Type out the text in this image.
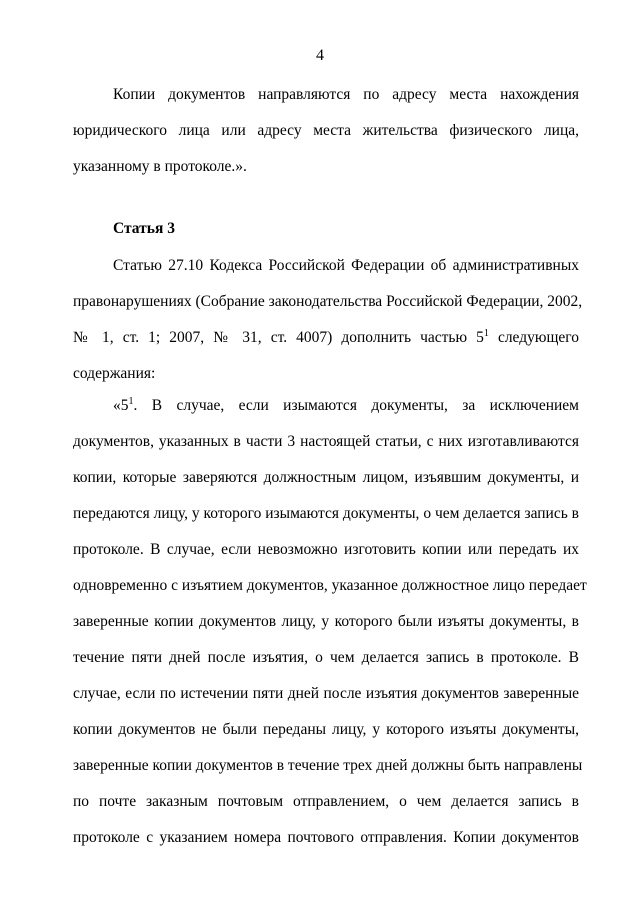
4
Копии документов направляются по адресу места нахождения
юридического лица или адресу места жительства физического лица,
указанному в протоколе.».
Статья 3
Статью 27.10 Кодекса Российской Федерации об административных
правонарушениях (Собрание законодательства Российской Федерации, 2002,
№ 1, ст. 1; 2007, № 31, ст. 4007) дополнить частью $5^1$ следующего
содержания:
«$5^1$. В случае, если изымаются документы, за исключением
документов, указанных в части 3 настоящей статьи, с них изготавливаются
копии, которые заверяются должностным лицом, изъявшим документы, и
передаются лицу, у которого изымаются документы, о чем делается запись в
протоколе. В случае, если невозможно изготовить копии или передать их
одновременно с изъятием документов, указанное должностное лицо передает
заверенные копии документов лицу, у которого были изъяты документы, в
течение пяти дней после изъятия, о чем делается запись в протоколе. В
случае, если по истечении пяти дней после изъятия документов заверенные
копии документов не были переданы лицу, у которого изъяты документы,
заверенные копии документов в течение трех дней должны быть направлены
по почте заказным почтовым отправлением, о чем делается запись в
протоколе с указанием номера почтового отправления. Копии документов
